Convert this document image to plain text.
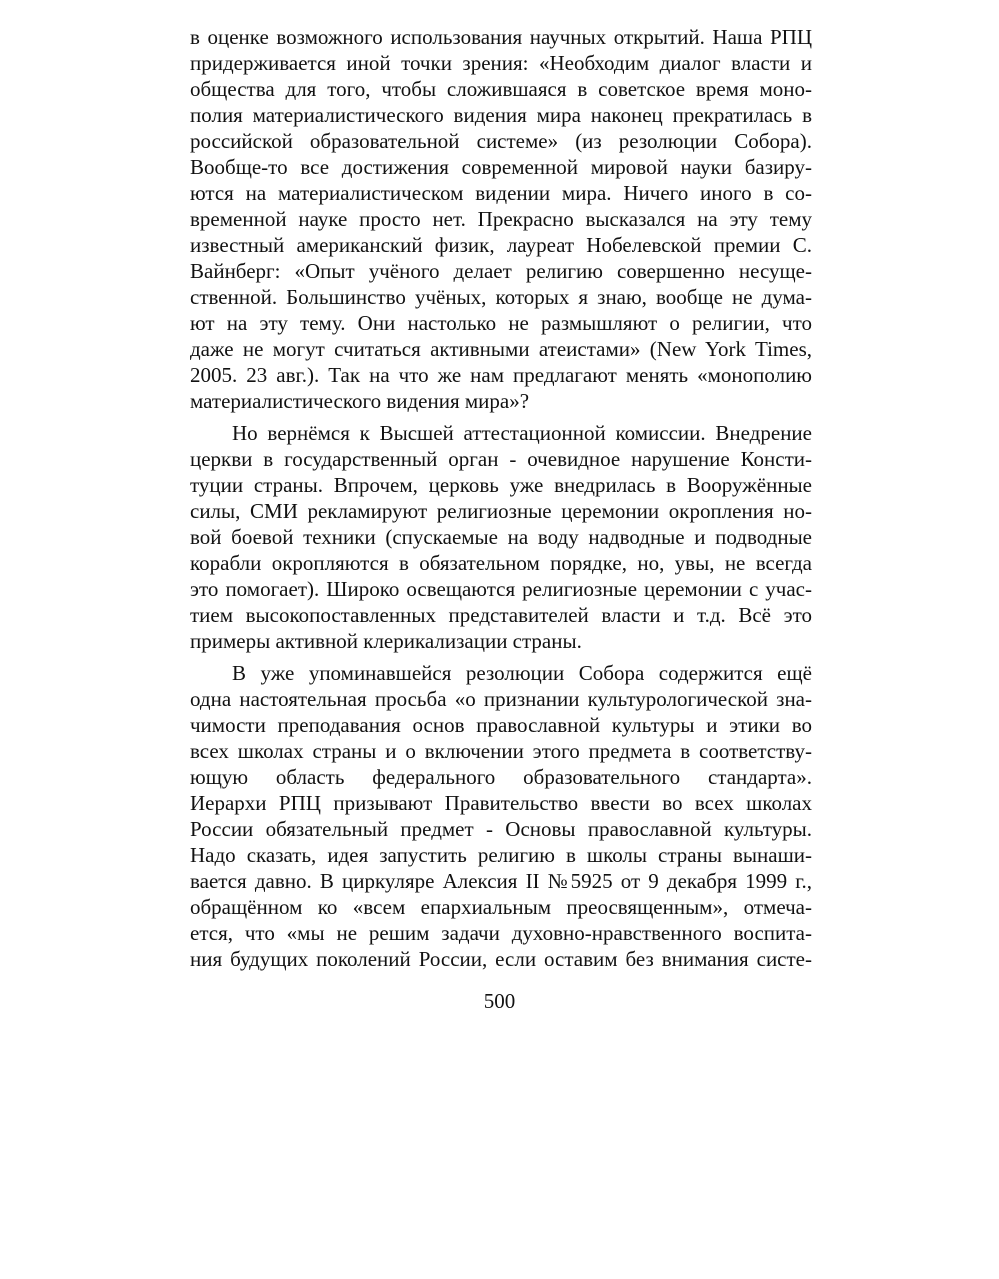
в оценке возможного использования научных открытий. Наша РПЦ
придерживается иной точки зрения: «Необходим диалог власти и
общества для того, чтобы сложившаяся в советское время моно-
полия материалистического видения мира наконец прекратилась в
российской образовательной системе» (из резолюции Собора).
Вообще-то все достижения современной мировой науки базиру-
ются на материалистическом видении мира. Ничего иного в со-
временной науке просто нет. Прекрасно высказался на эту тему
известный американский физик, лауреат Нобелевской премии С.
Вайнберг: «Опыт учёного делает религию совершенно несуще-
ственной. Большинство учёных, которых я знаю, вообще не дума-
ют на эту тему. Они настолько не размышляют о религии, что
даже не могут считаться активными атеистами» (New York Times,
2005. 23 авг.). Так на что же нам предлагают менять «монополию
материалистического видения мира»?
Но вернёмся к Высшей аттестационной комиссии. Внедрение
церкви в государственный орган - очевидное нарушение Консти-
туции страны. Впрочем, церковь уже внедрилась в Вооружённые
силы, СМИ рекламируют религиозные церемонии окропления но-
вой боевой техники (спускаемые на воду надводные и подводные
корабли окропляются в обязательном порядке, но, увы, не всегда
это помогает). Широко освещаются религиозные церемонии с учас-
тием высокопоставленных представителей власти и т.д. Всё это
примеры активной клерикализации страны.
В уже упоминавшейся резолюции Собора содержится ещё
одна настоятельная просьба «о признании культурологической зна-
чимости преподавания основ православной культуры и этики во
всех школах страны и о включении этого предмета в соответству-
ющую область федерального образовательного стандарта».
Иерархи РПЦ призывают Правительство ввести во всех школах
России обязательный предмет - Основы православной культуры.
Надо сказать, идея запустить религию в школы страны вынаши-
вается давно. В циркуляре Алексия II №5925 от 9 декабря 1999 г.,
обращённом ко «всем епархиальным преосвященным», отмеча-
ется, что «мы не решим задачи духовно-нравственного воспита-
ния будущих поколений России, если оставим без внимания систе-
500
